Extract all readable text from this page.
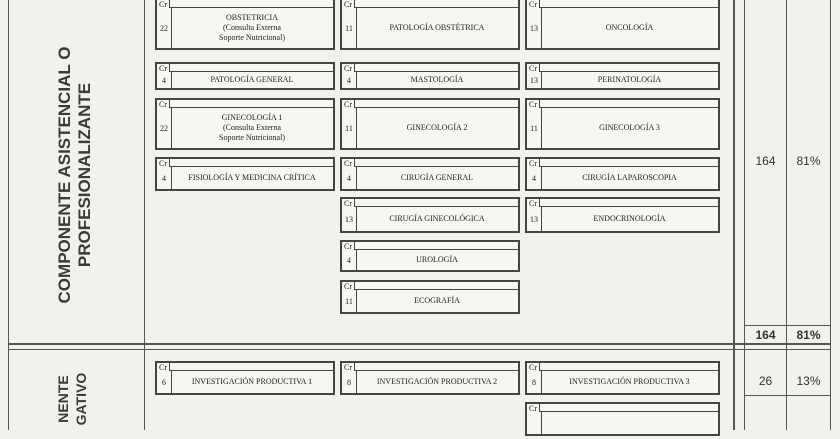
COMPONENTE ASISTENCIAL O PROFESIONALIZANTE
NENTE GATIVO
Cr
22
OBSTETRICIA
(Consulta Externa
Soporte Nutricional)
Cr
11	PATOLOGÍA OBSTÉTRICA
Cr
13	ONCOLOGÍA
Cr
4	PATOLOGÍA GENERAL
Cr
4	MASTOLOGÍA
Cr
13	PERINATOLOGÍA
Cr
22
GINECOLOGÍA 1
(Consulta Externa
Soporte Nutricional)
Cr
11	GINECOLOGÍA 2
Cr
11	GINECOLOGÍA 3
Cr
4	FISIOLOGÍA Y MEDICINA CRÍTICA
Cr
4	CIRUGÍA GENERAL
Cr
4	CIRUGÍA LAPAROSCOPIA
Cr
13	CIRUGÍA GINECOLÓGICA
Cr
13	ENDOCRINOLOGÍA
Cr
4	UROLOGÍA
Cr
11	ECOGRAFÍA
Cr
6	INVESTIGACIÓN PRODUCTIVA 1
Cr
8	INVESTIGACIÓN PRODUCTIVA 2
Cr
8	INVESTIGACIÓN PRODUCTIVA 3
Cr
164	81%
164	81%
26	13%
